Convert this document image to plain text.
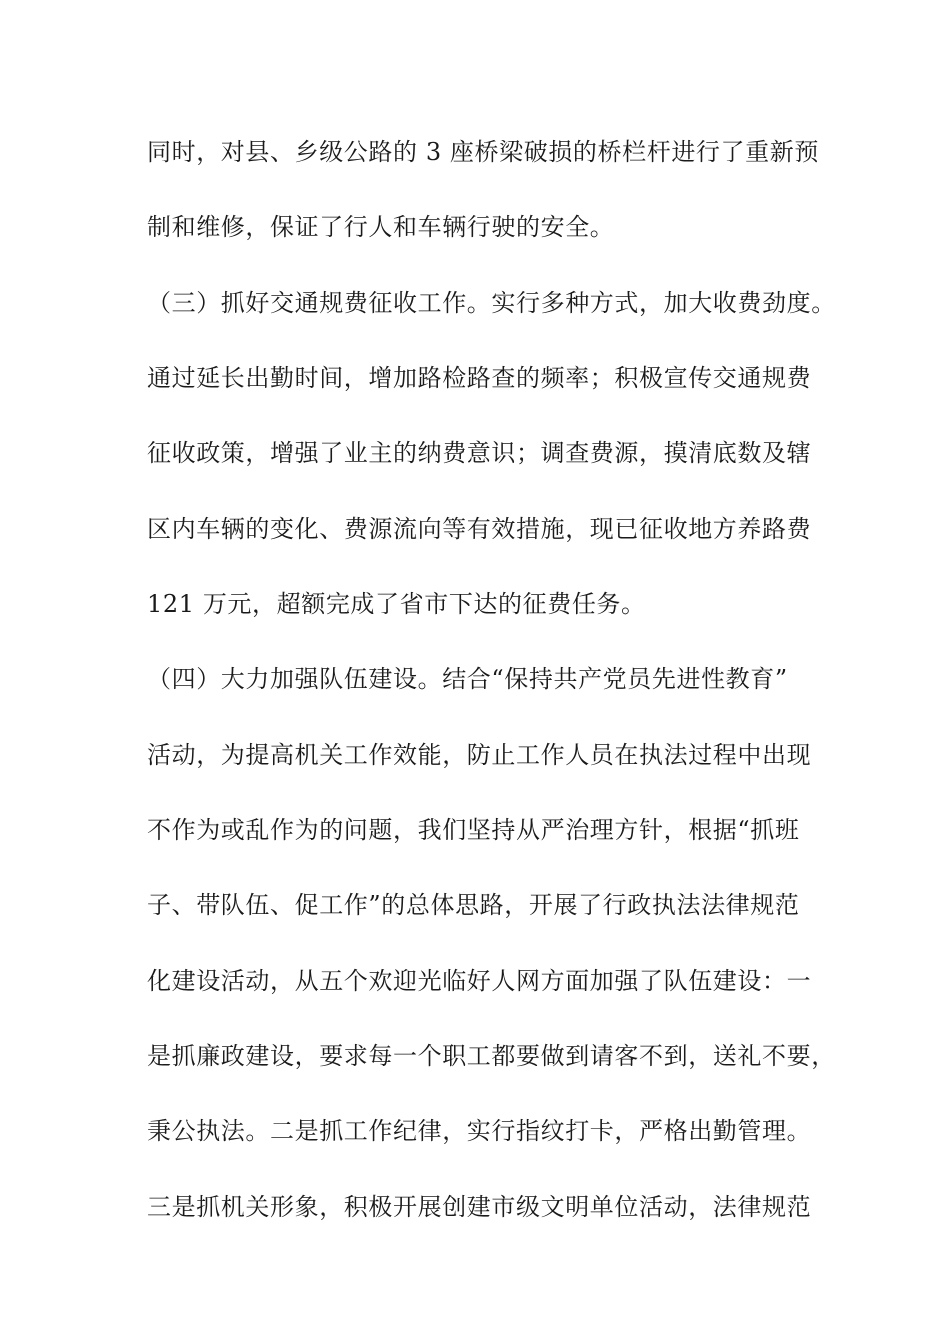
同时，对县、乡级公路的 3 座桥梁破损的桥栏杆进行了重新预
制和维修，保证了行人和车辆行驶的安全。
（三）抓好交通规费征收工作。实行多种方式，加大收费劲度。
通过延长出勤时间，增加路检路查的频率；积极宣传交通规费
征收政策，增强了业主的纳费意识；调查费源，摸清底数及辖
区内车辆的变化、费源流向等有效措施，现已征收地方养路费
121 万元，超额完成了省市下达的征费任务。
（四）大力加强队伍建设。结合“保持共产党员先进性教育”
活动，为提高机关工作效能，防止工作人员在执法过程中出现
不作为或乱作为的问题，我们坚持从严治理方针，根据“抓班
子、带队伍、促工作”的总体思路，开展了行政执法法律规范
化建设活动，从五个欢迎光临好人网方面加强了队伍建设：一
是抓廉政建设，要求每一个职工都要做到请客不到，送礼不要，
秉公执法。二是抓工作纪律，实行指纹打卡，严格出勤管理。
三是抓机关形象，积极开展创建市级文明单位活动，法律规范
